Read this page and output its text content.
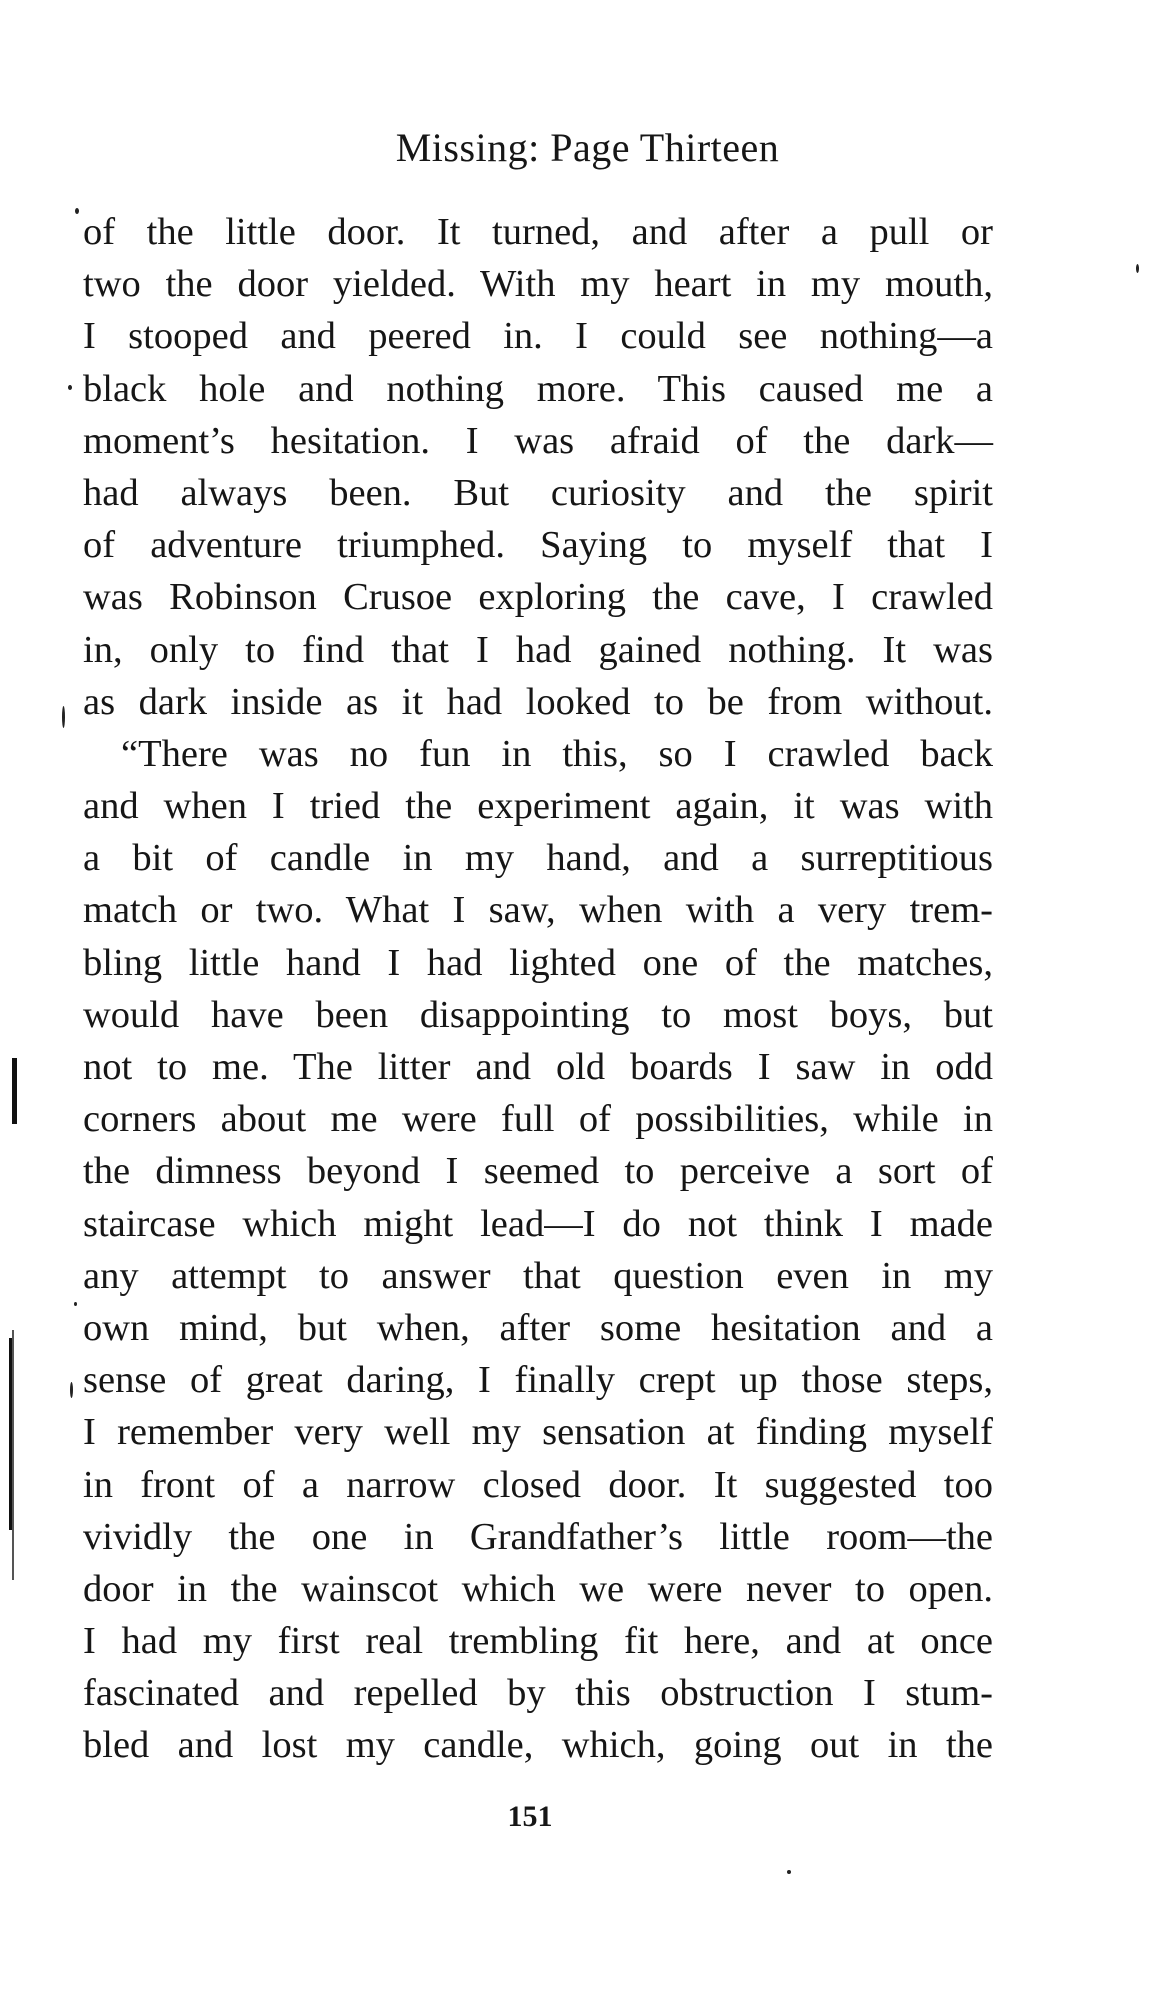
Missing: Page Thirteen
of the little door. It turned, and after a pull or
two the door yielded. With my heart in my mouth,
I stooped and peered in. I could see nothing—a
black hole and nothing more. This caused me a
moment’s hesitation. I was afraid of the dark—
had always been. But curiosity and the spirit
of adventure triumphed. Saying to myself that I
was Robinson Crusoe exploring the cave, I crawled
in, only to find that I had gained nothing. It was
as dark inside as it had looked to be from without.
“There was no fun in this, so I crawled back
and when I tried the experiment again, it was with
a bit of candle in my hand, and a surreptitious
match or two. What I saw, when with a very trem-
bling little hand I had lighted one of the matches,
would have been disappointing to most boys, but
not to me. The litter and old boards I saw in odd
corners about me were full of possibilities, while in
the dimness beyond I seemed to perceive a sort of
staircase which might lead—I do not think I made
any attempt to answer that question even in my
own mind, but when, after some hesitation and a
sense of great daring, I finally crept up those steps,
I remember very well my sensation at finding myself
in front of a narrow closed door. It suggested too
vividly the one in Grandfather’s little room—the
door in the wainscot which we were never to open.
I had my first real trembling fit here, and at once
fascinated and repelled by this obstruction I stum-
bled and lost my candle, which, going out in the
151
